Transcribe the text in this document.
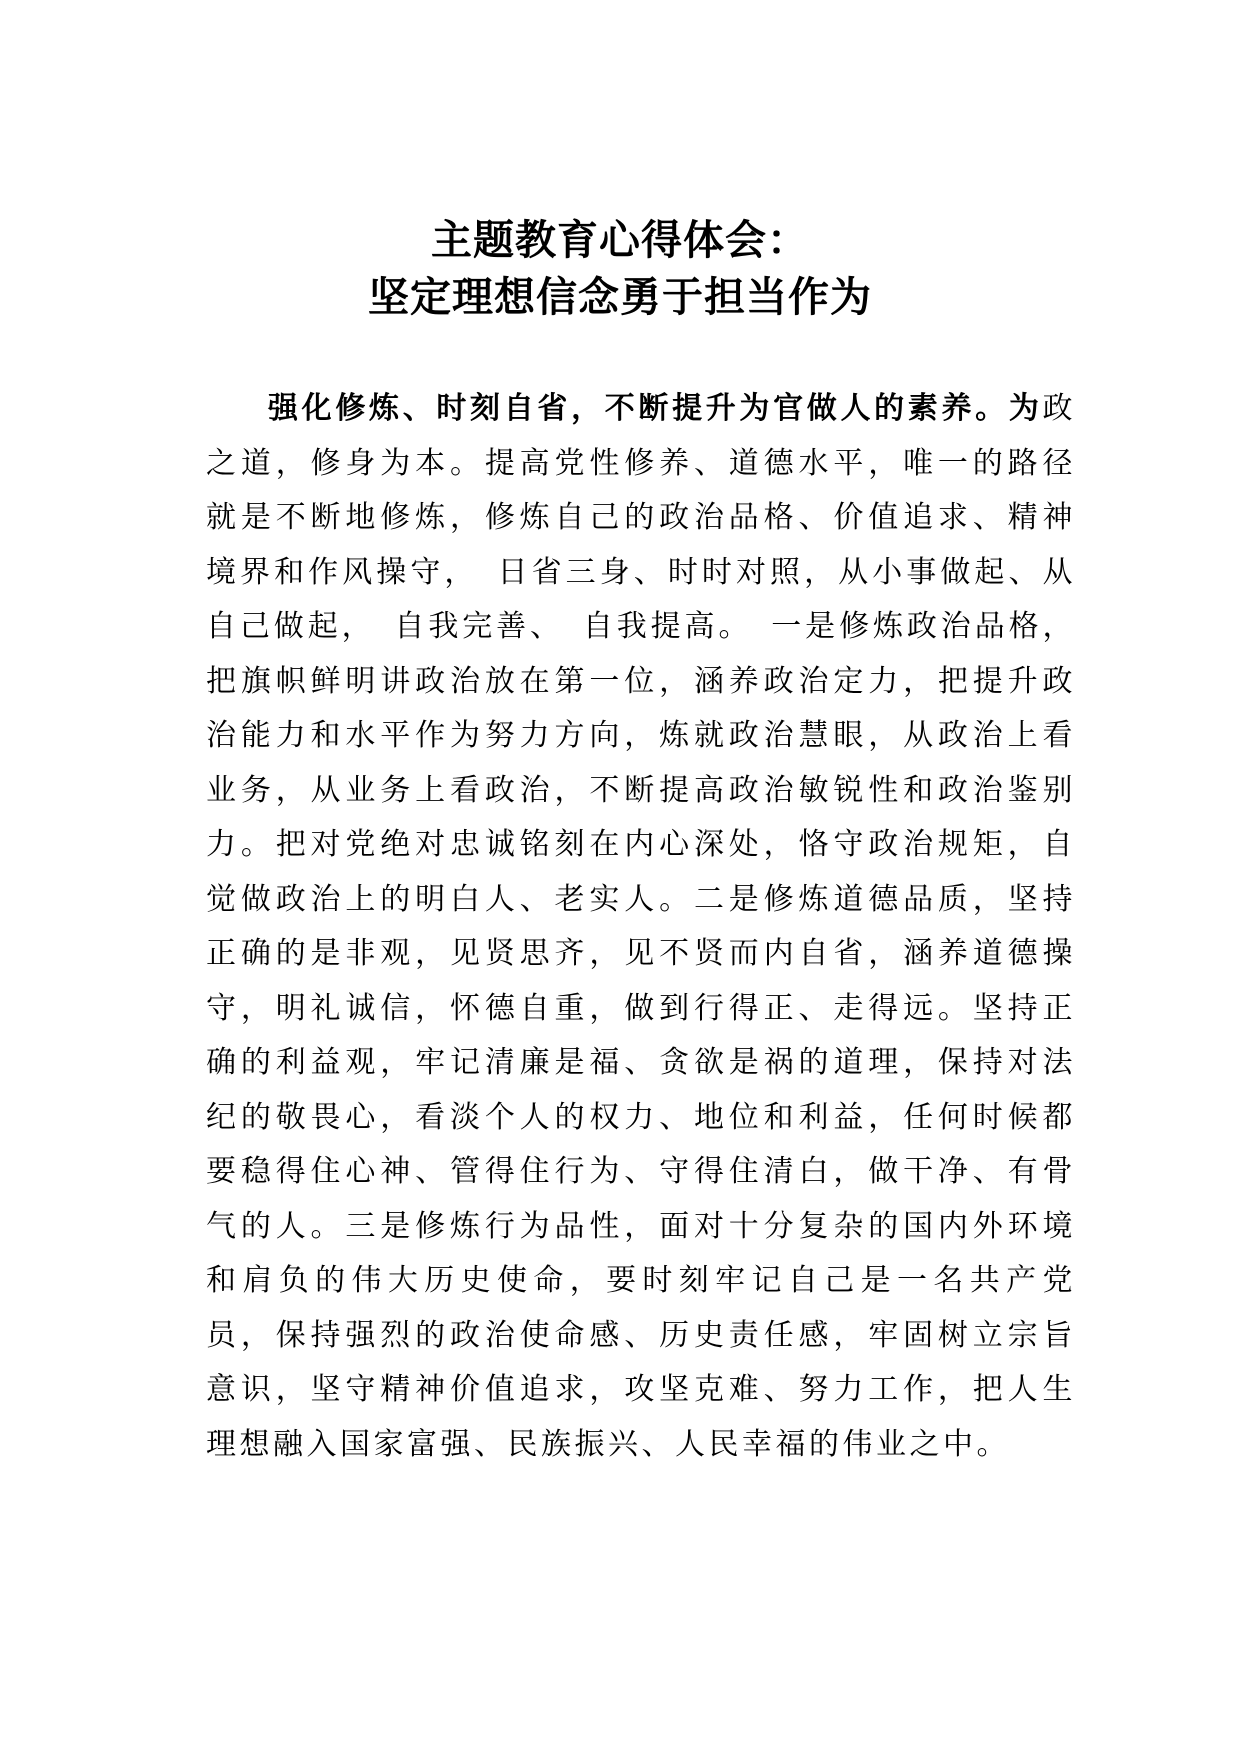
主题教育心得体会：
坚定理想信念勇于担当作为

强化修炼、时刻自省，不断提升为官做人的素养。为政之道，修身为本。提高党性修养、道德水平，唯一的路径就是不断地修炼，修炼自己的政治品格、价值追求、精神境界和作风操守，　日省三身、时时对照，从小事做起、从自己做起，　自我完善、　自我提高。　一是修炼政治品格，把旗帜鲜明讲政治放在第一位，涵养政治定力，把提升政治能力和水平作为努力方向，炼就政治慧眼，从政治上看业务，从业务上看政治，不断提高政治敏锐性和政治鉴别力。把对党绝对忠诚铭刻在内心深处，恪守政治规矩，自觉做政治上的明白人、老实人。二是修炼道德品质，坚持正确的是非观，见贤思齐，见不贤而内自省，涵养道德操守，明礼诚信，怀德自重，做到行得正、走得远。坚持正确的利益观，牢记清廉是福、贪欲是祸的道理，保持对法纪的敬畏心，看淡个人的权力、地位和利益，任何时候都要稳得住心神、管得住行为、守得住清白，做干净、有骨气的人。三是修炼行为品性，面对十分复杂的国内外环境和肩负的伟大历史使命，要时刻牢记自己是一名共产党员，保持强烈的政治使命感、历史责任感，牢固树立宗旨意识，坚守精神价值追求，攻坚克难、努力工作，把人生理想融入国家富强、民族振兴、人民幸福的伟业之中。
